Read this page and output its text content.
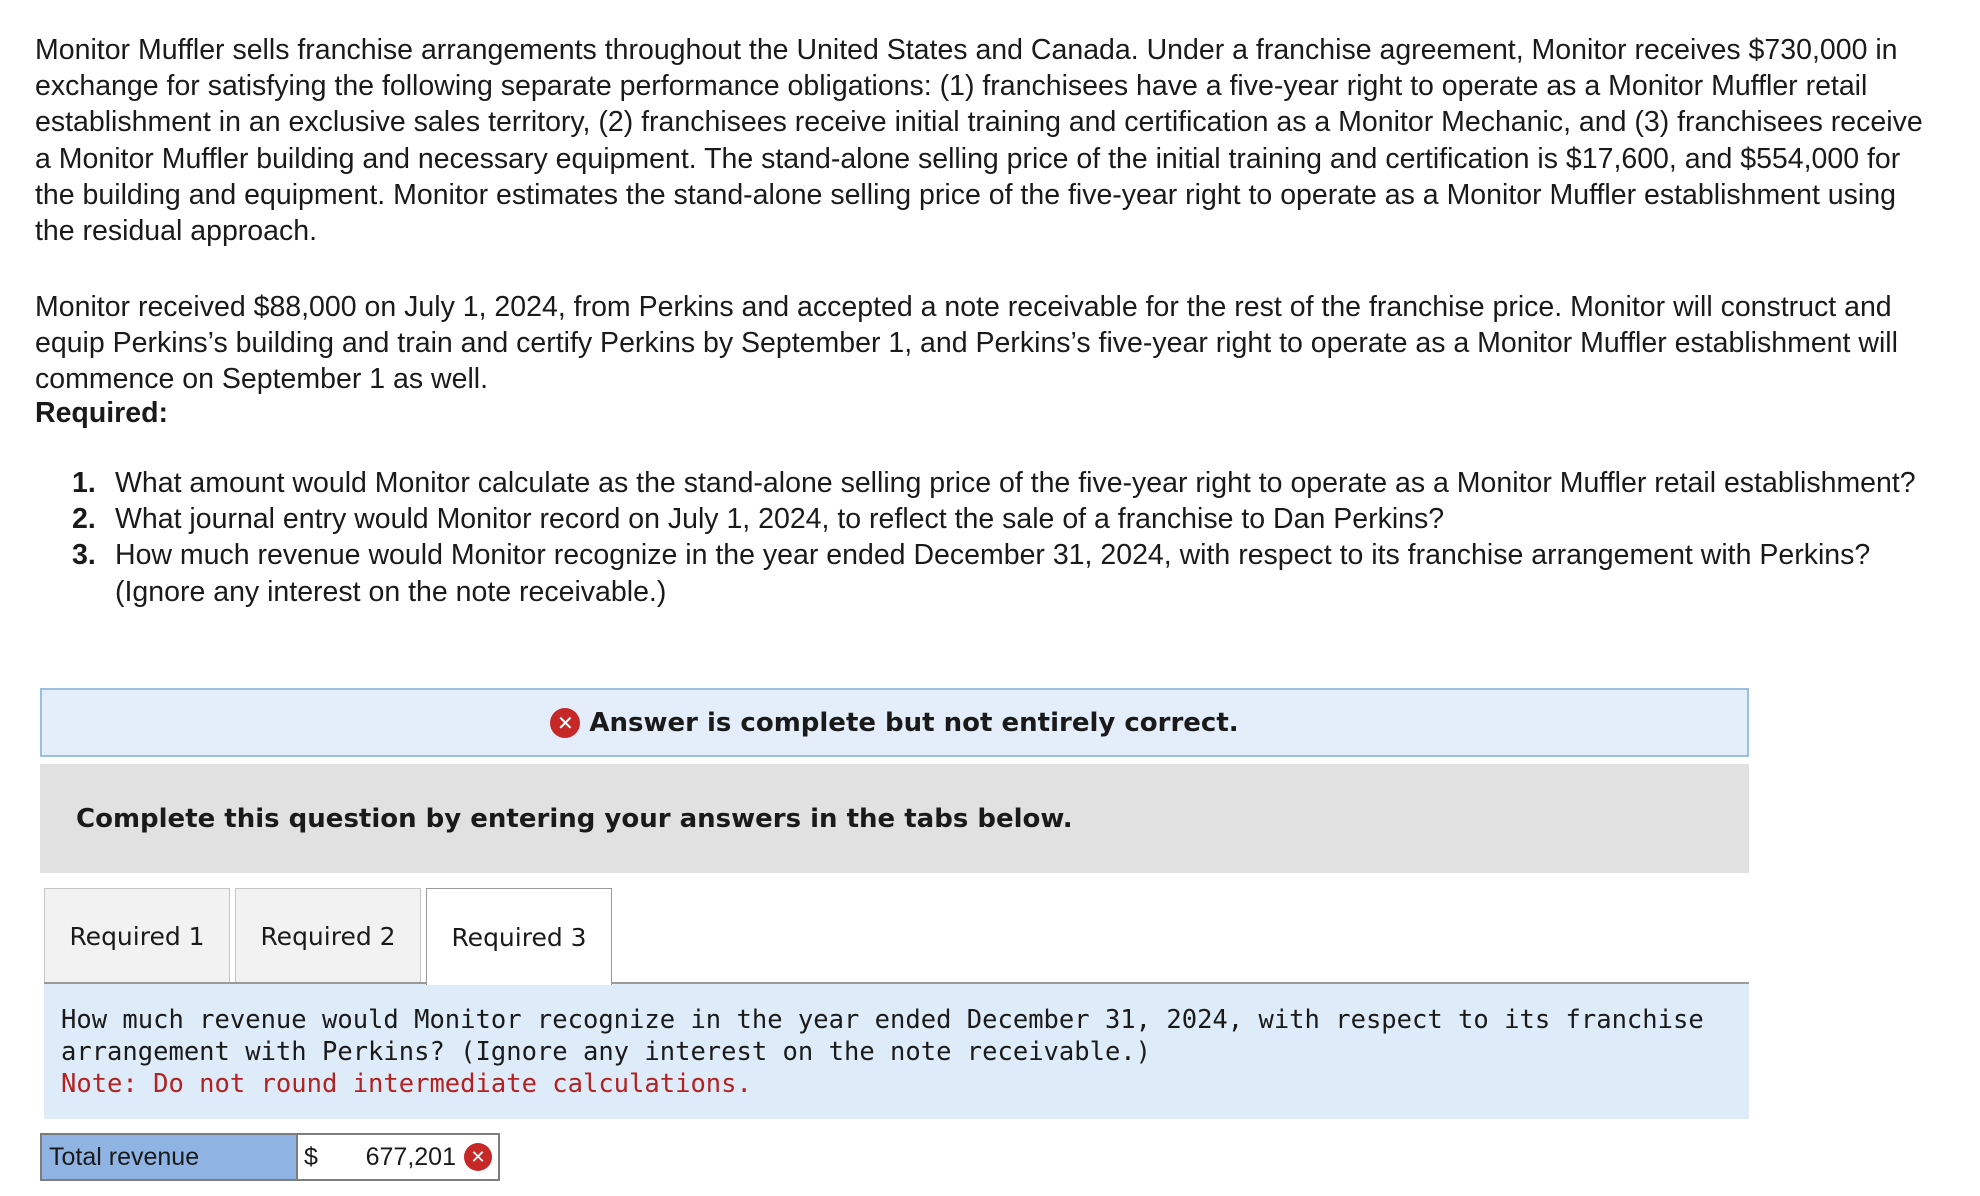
Monitor Muffler sells franchise arrangements throughout the United States and Canada. Under a franchise agreement, Monitor receives $730,000 in exchange for satisfying the following separate performance obligations: (1) franchisees have a five-year right to operate as a Monitor Muffler retail establishment in an exclusive sales territory, (2) franchisees receive initial training and certification as a Monitor Mechanic, and (3) franchisees receive a Monitor Muffler building and necessary equipment. The stand-alone selling price of the initial training and certification is $17,600, and $554,000 for the building and equipment. Monitor estimates the stand-alone selling price of the five-year right to operate as a Monitor Muffler establishment using the residual approach.

Monitor received $88,000 on July 1, 2024, from Perkins and accepted a note receivable for the rest of the franchise price. Monitor will construct and equip Perkins’s building and train and certify Perkins by September 1, and Perkins’s five-year right to operate as a Monitor Muffler establishment will commence on September 1 as well.

Required:

1. What amount would Monitor calculate as the stand-alone selling price of the five-year right to operate as a Monitor Muffler retail establishment?
2. What journal entry would Monitor record on July 1, 2024, to reflect the sale of a franchise to Dan Perkins?
3. How much revenue would Monitor recognize in the year ended December 31, 2024, with respect to its franchise arrangement with Perkins? (Ignore any interest on the note receivable.)
✕ Answer is complete but not entirely correct.
Complete this question by entering your answers in the tabs below.
Required 1	Required 2	Required 3
How much revenue would Monitor recognize in the year ended December 31, 2024, with respect to its franchise arrangement with Perkins? (Ignore any interest on the note receivable.)
Note: Do not round intermediate calculations.
Total revenue	$ 677,201 ✕
